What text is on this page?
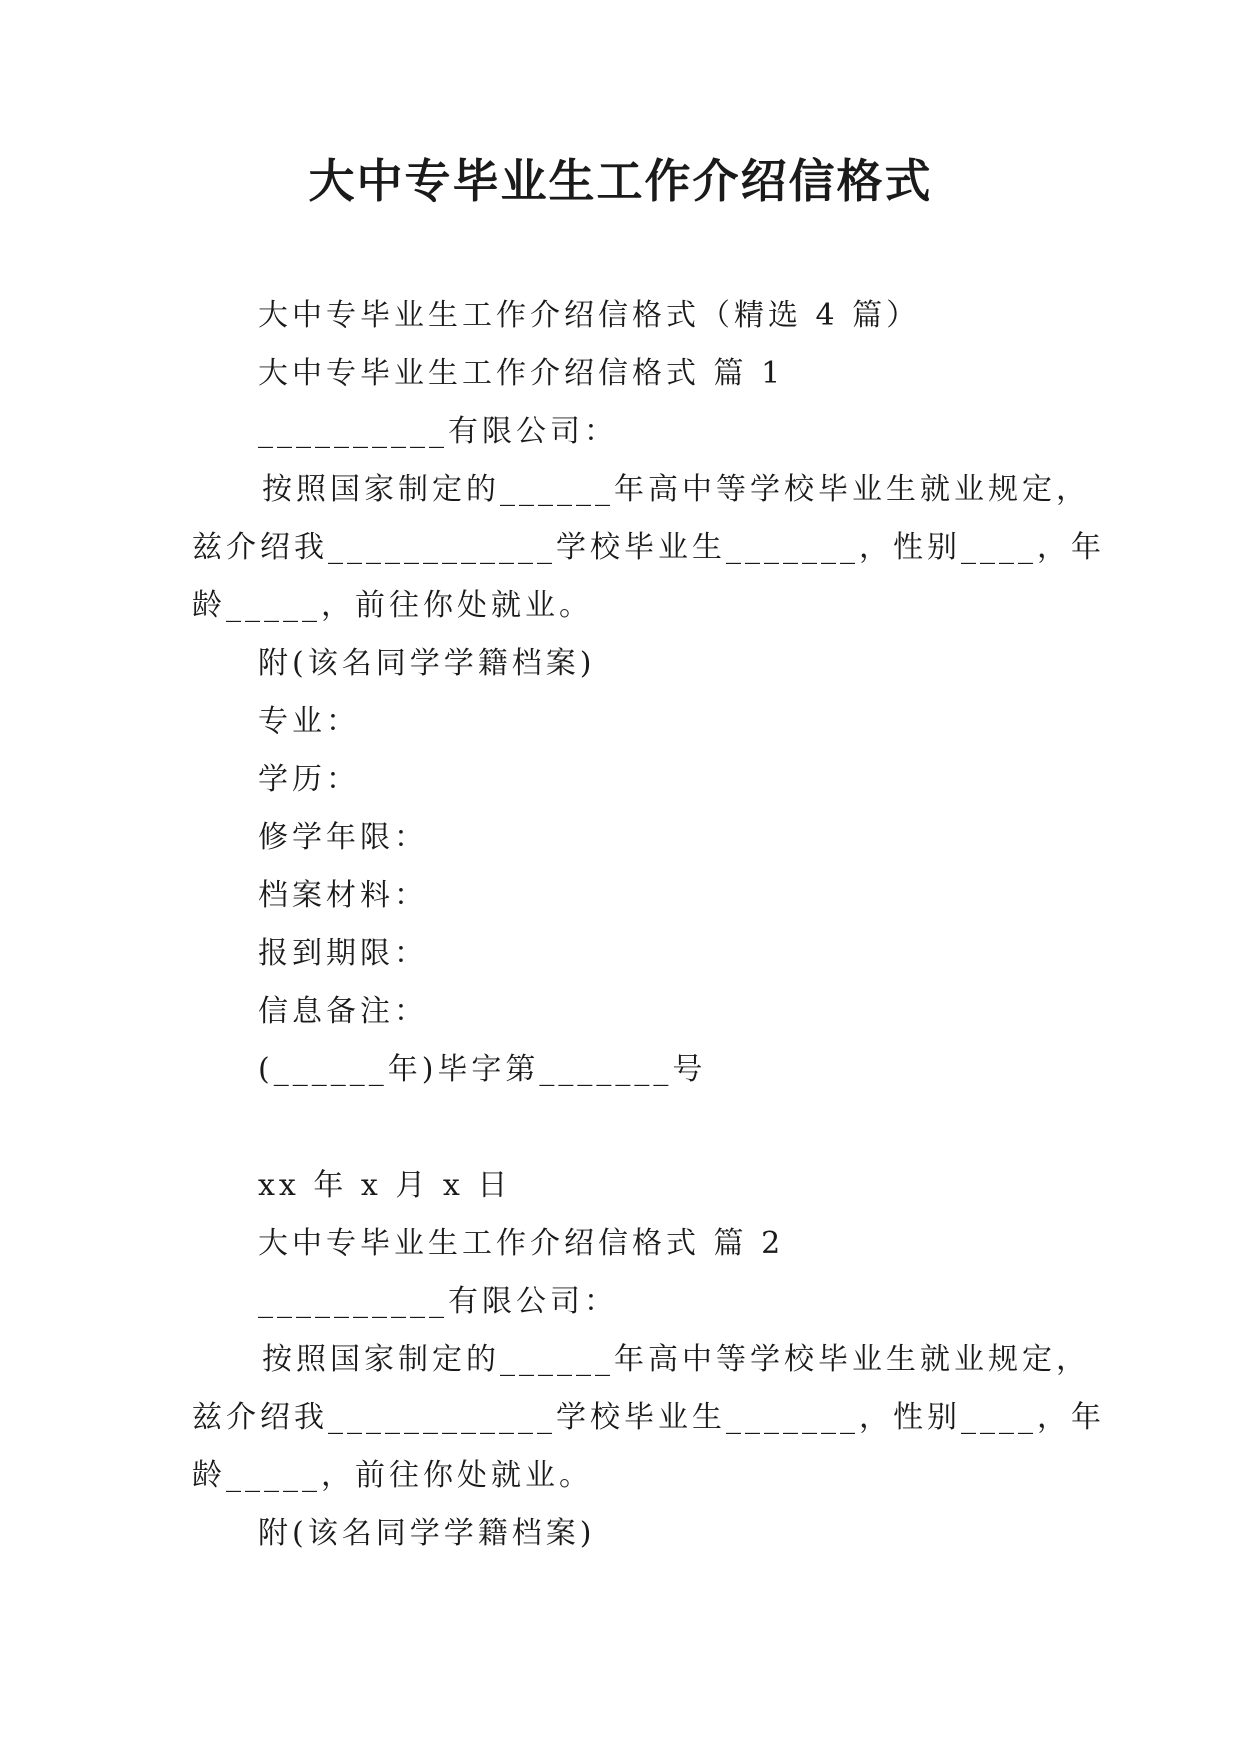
大中专毕业生工作介绍信格式

大中专毕业生工作介绍信格式（精选 4 篇）

大中专毕业生工作介绍信格式 篇 1

__________有限公司：

按照国家制定的______年高中等学校毕业生就业规定，

兹介绍我____________学校毕业生_______，性别____，年

龄_____，前往你处就业。

附(该名同学学籍档案)

专业：

学历：

修学年限：

档案材料：

报到期限：

信息备注：

(______年)毕字第_______号

xx 年 x 月 x 日

大中专毕业生工作介绍信格式 篇 2

__________有限公司：

按照国家制定的______年高中等学校毕业生就业规定，

兹介绍我____________学校毕业生_______，性别____，年

龄_____，前往你处就业。

附(该名同学学籍档案)
